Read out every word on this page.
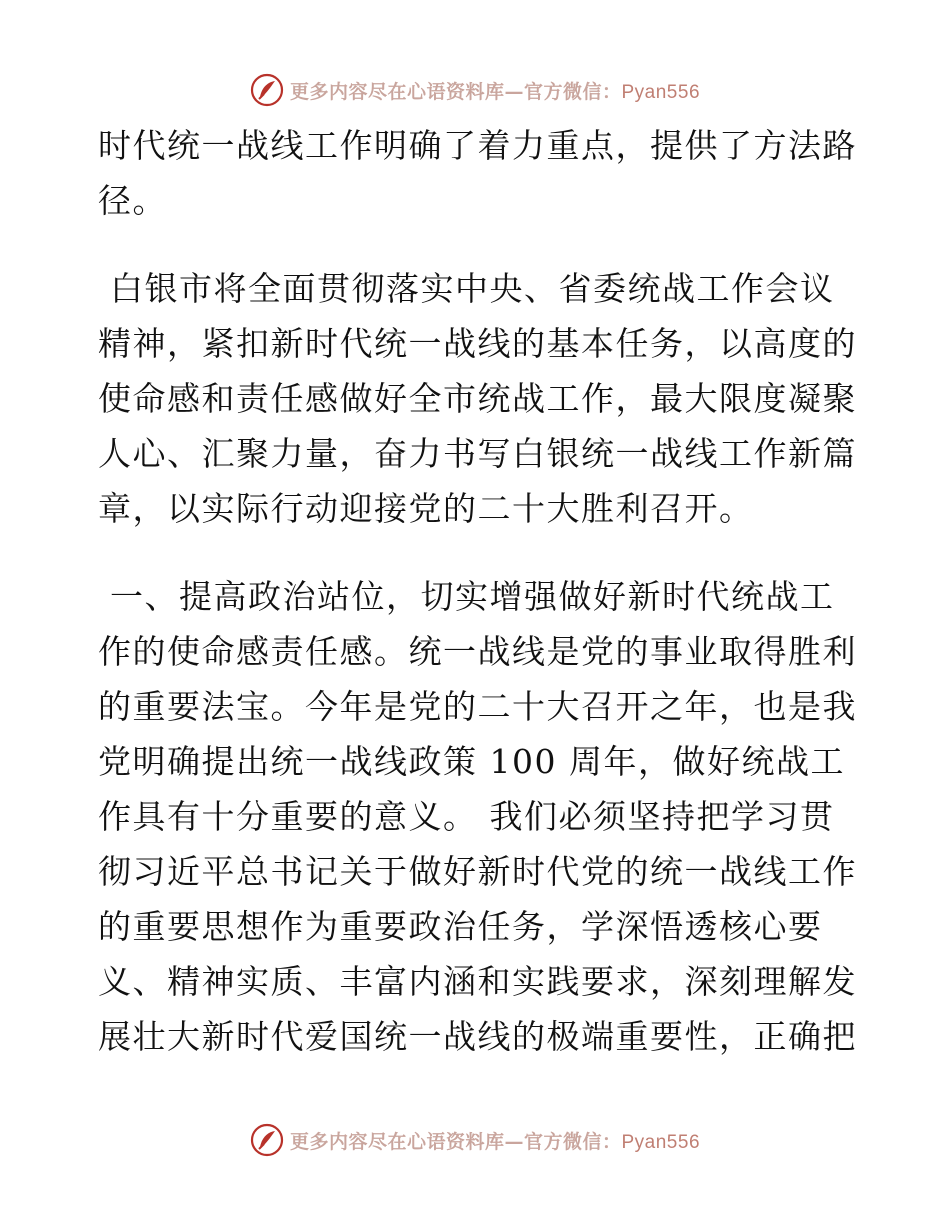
更多内容尽在心语资料库—官方微信：Pyan556
时代统一战线工作明确了着力重点，提供了方法路
径。
白银市将全面贯彻落实中央、省委统战工作会议
精神，紧扣新时代统一战线的基本任务，以高度的
使命感和责任感做好全市统战工作，最大限度凝聚
人心、汇聚力量，奋力书写白银统一战线工作新篇
章，以实际行动迎接党的二十大胜利召开。
一、提高政治站位，切实增强做好新时代统战工
作的使命感责任感。统一战线是党的事业取得胜利
的重要法宝。今年是党的二十大召开之年，也是我
党明确提出统一战线政策 100 周年，做好统战工
作具有十分重要的意义。 我们必须坚持把学习贯
彻习近平总书记关于做好新时代党的统一战线工作
的重要思想作为重要政治任务，学深悟透核心要
义、精神实质、丰富内涵和实践要求，深刻理解发
展壮大新时代爱国统一战线的极端重要性，正确把
更多内容尽在心语资料库—官方微信：Pyan556
